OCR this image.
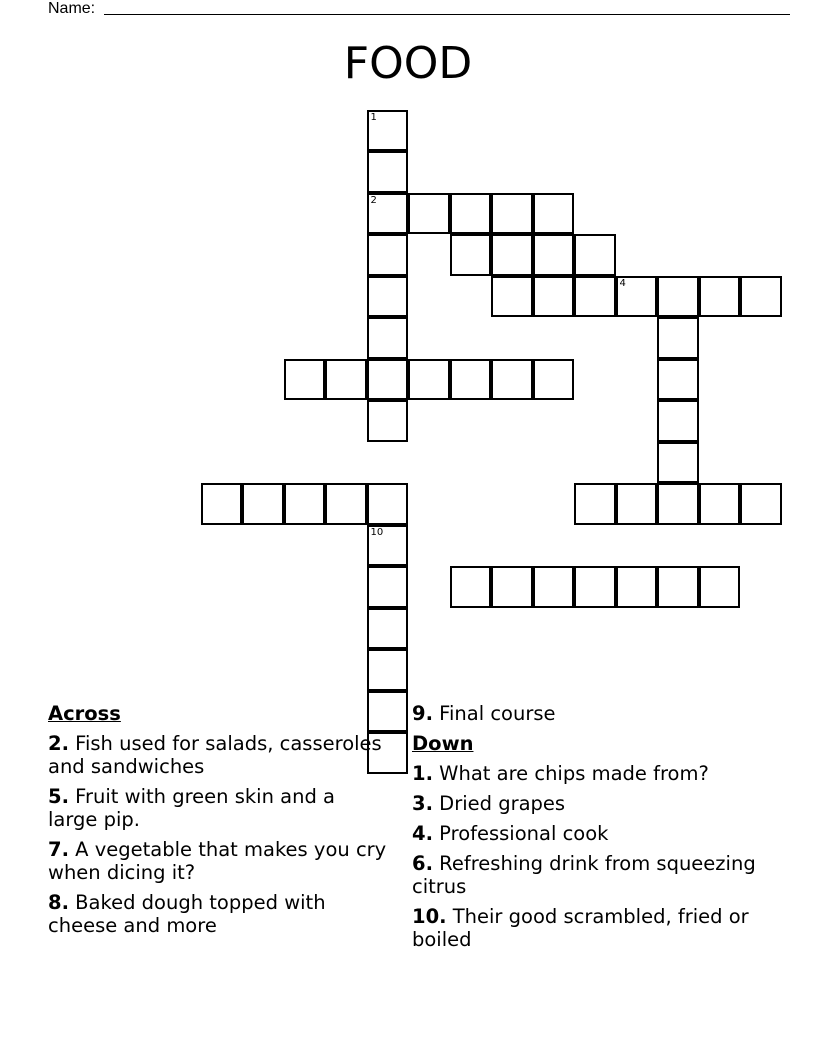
Name:
FOOD
1
2
10
4
Across
2. Fish used for salads, casseroles and sandwiches
5. Fruit with green skin and a large pip.
7. A vegetable that makes you cry when dicing it?
8. Baked dough topped with cheese and more
9. Final course
Down
1. What are chips made from?
3. Dried grapes
4. Professional cook
6. Refreshing drink from squeezing citrus
10. Their good scrambled, fried or boiled
